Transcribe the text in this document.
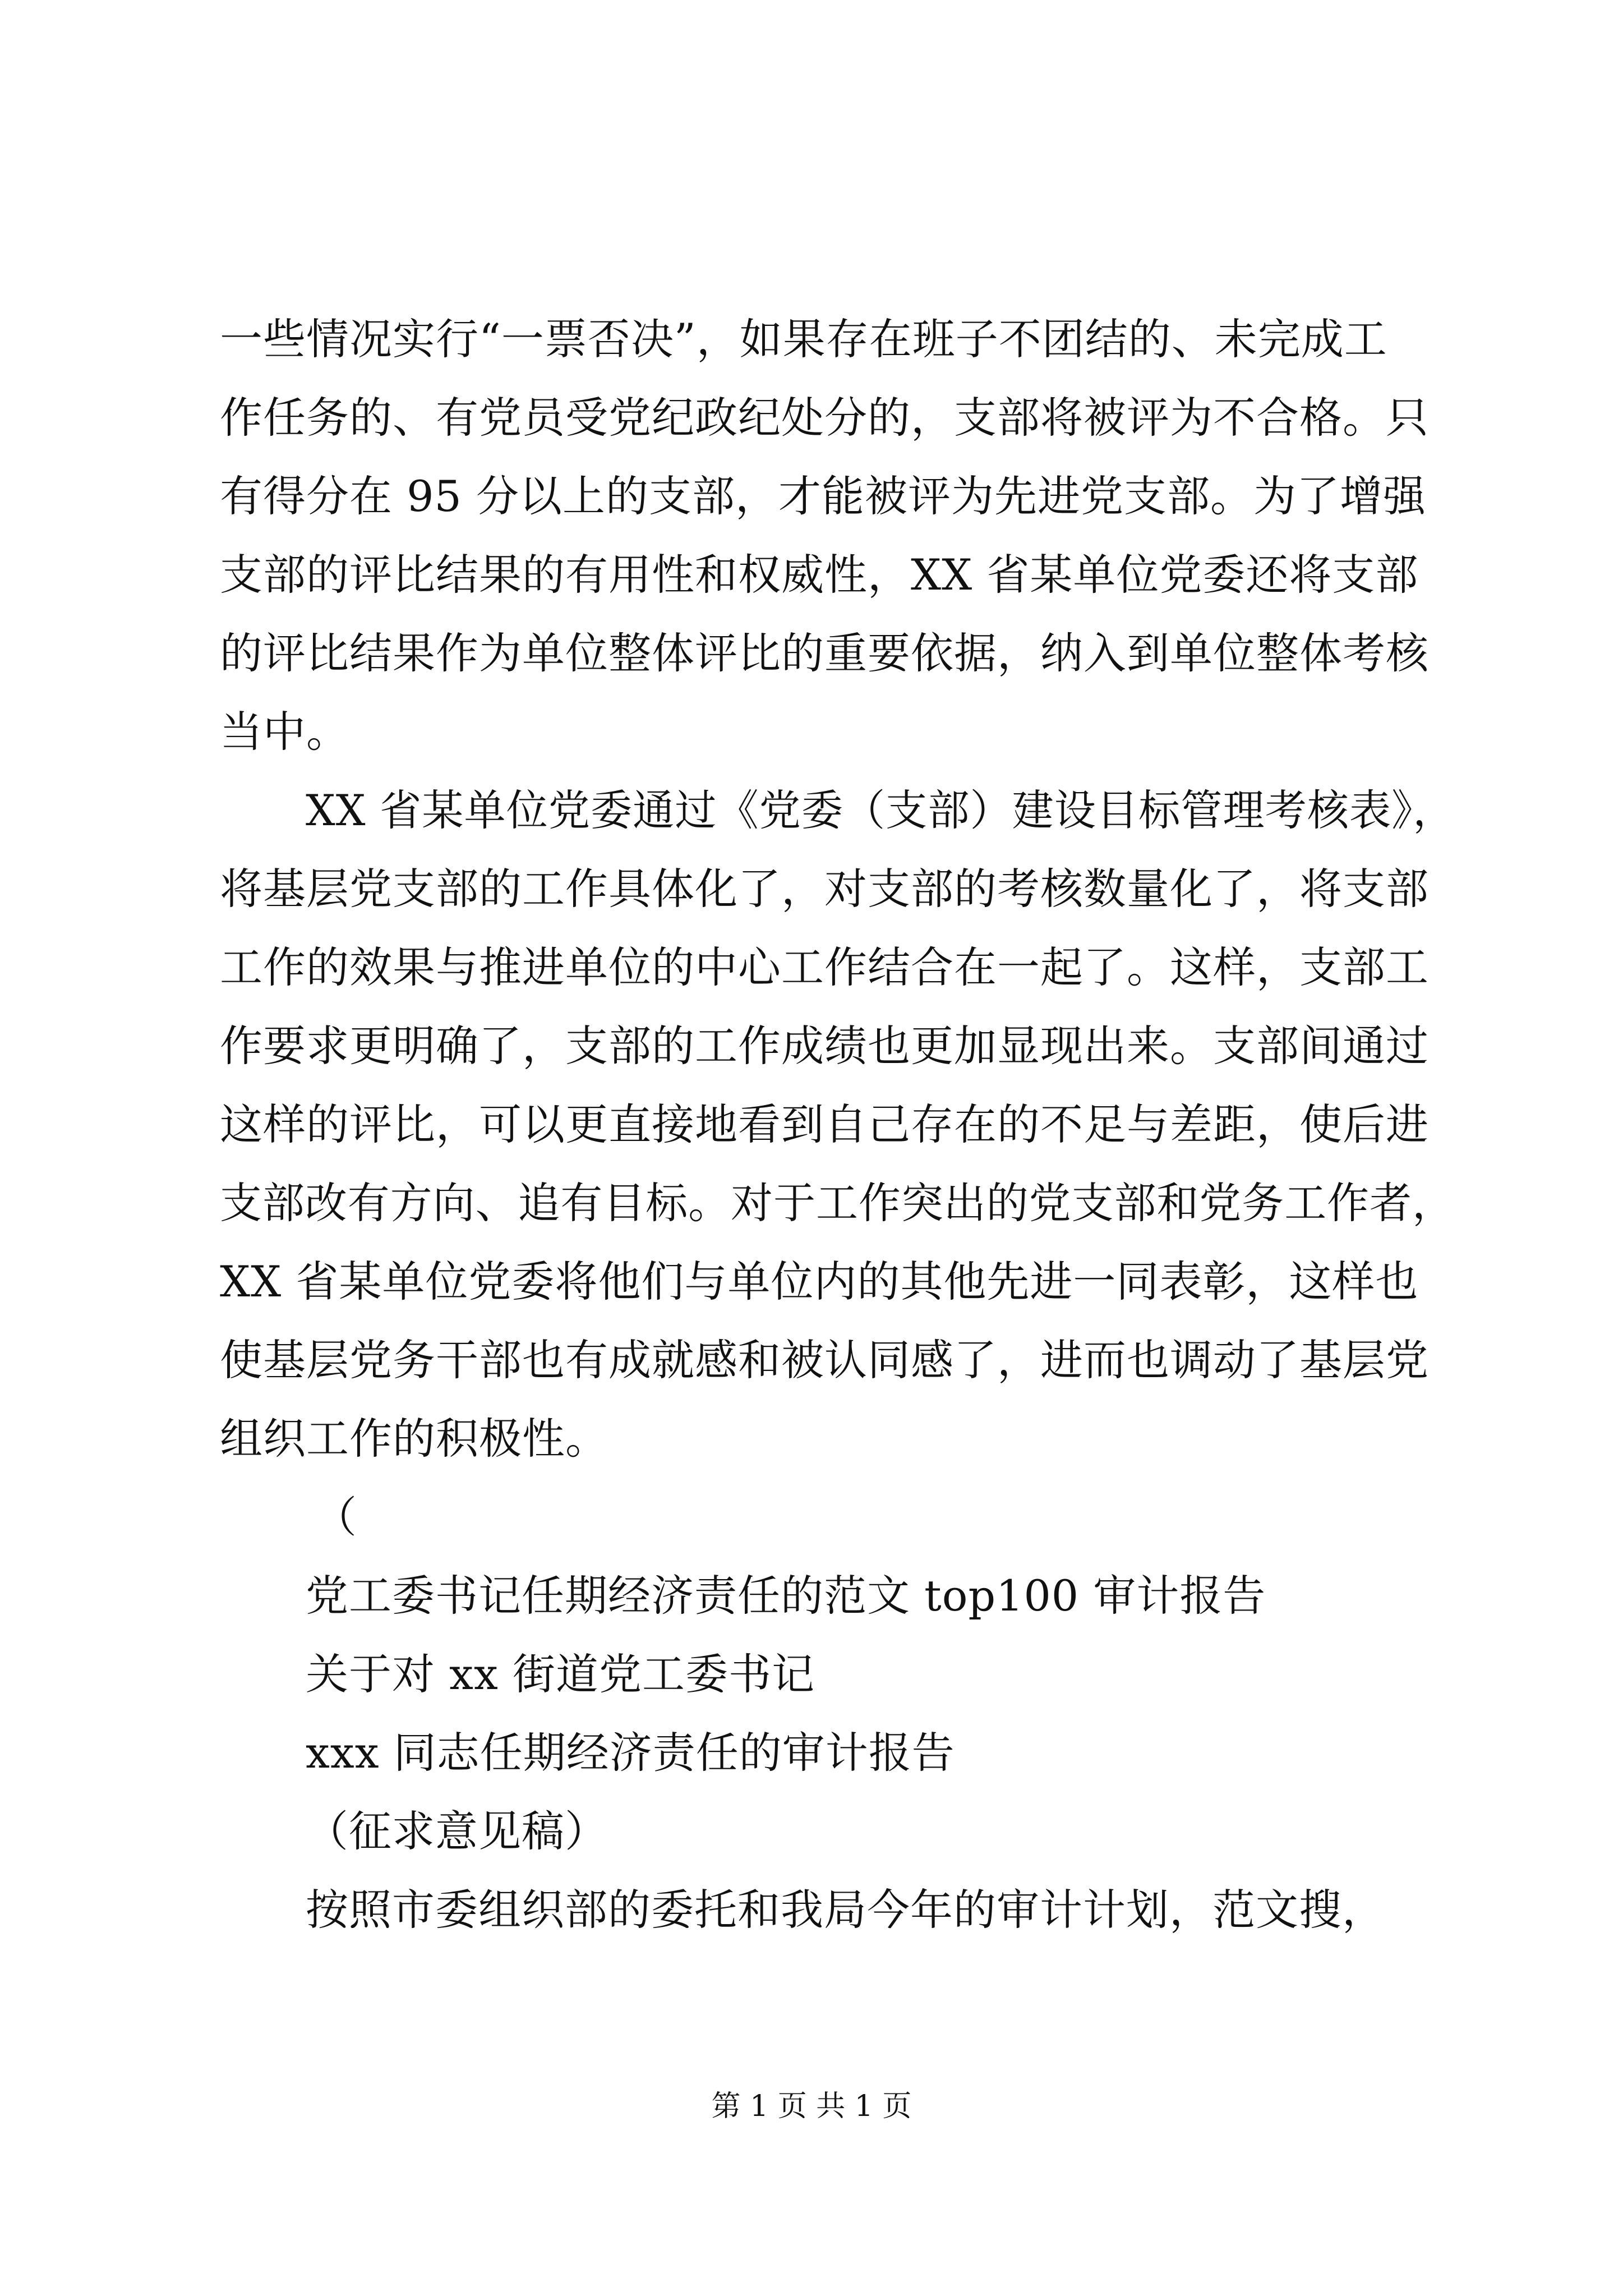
一些情况实行“一票否决”，如果存在班子不团结的、未完成工
作任务的、有党员受党纪政纪处分的，支部将被评为不合格。只
有得分在 95 分以上的支部，才能被评为先进党支部。为了增强
支部的评比结果的有用性和权威性，XX 省某单位党委还将支部
的评比结果作为单位整体评比的重要依据，纳入到单位整体考核
当中。
XX 省某单位党委通过《党委（支部）建设目标管理考核表》，
将基层党支部的工作具体化了，对支部的考核数量化了，将支部
工作的效果与推进单位的中心工作结合在一起了。这样，支部工
作要求更明确了，支部的工作成绩也更加显现出来。支部间通过
这样的评比，可以更直接地看到自己存在的不足与差距，使后进
支部改有方向、追有目标。对于工作突出的党支部和党务工作者，
XX 省某单位党委将他们与单位内的其他先进一同表彰，这样也
使基层党务干部也有成就感和被认同感了，进而也调动了基层党
组织工作的积极性。
（
党工委书记任期经济责任的范文 top100 审计报告
关于对 xx 街道党工委书记
xxx 同志任期经济责任的审计报告
（征求意见稿）
按照市委组织部的委托和我局今年的审计计划，范文搜，
第 1 页 共 1 页
